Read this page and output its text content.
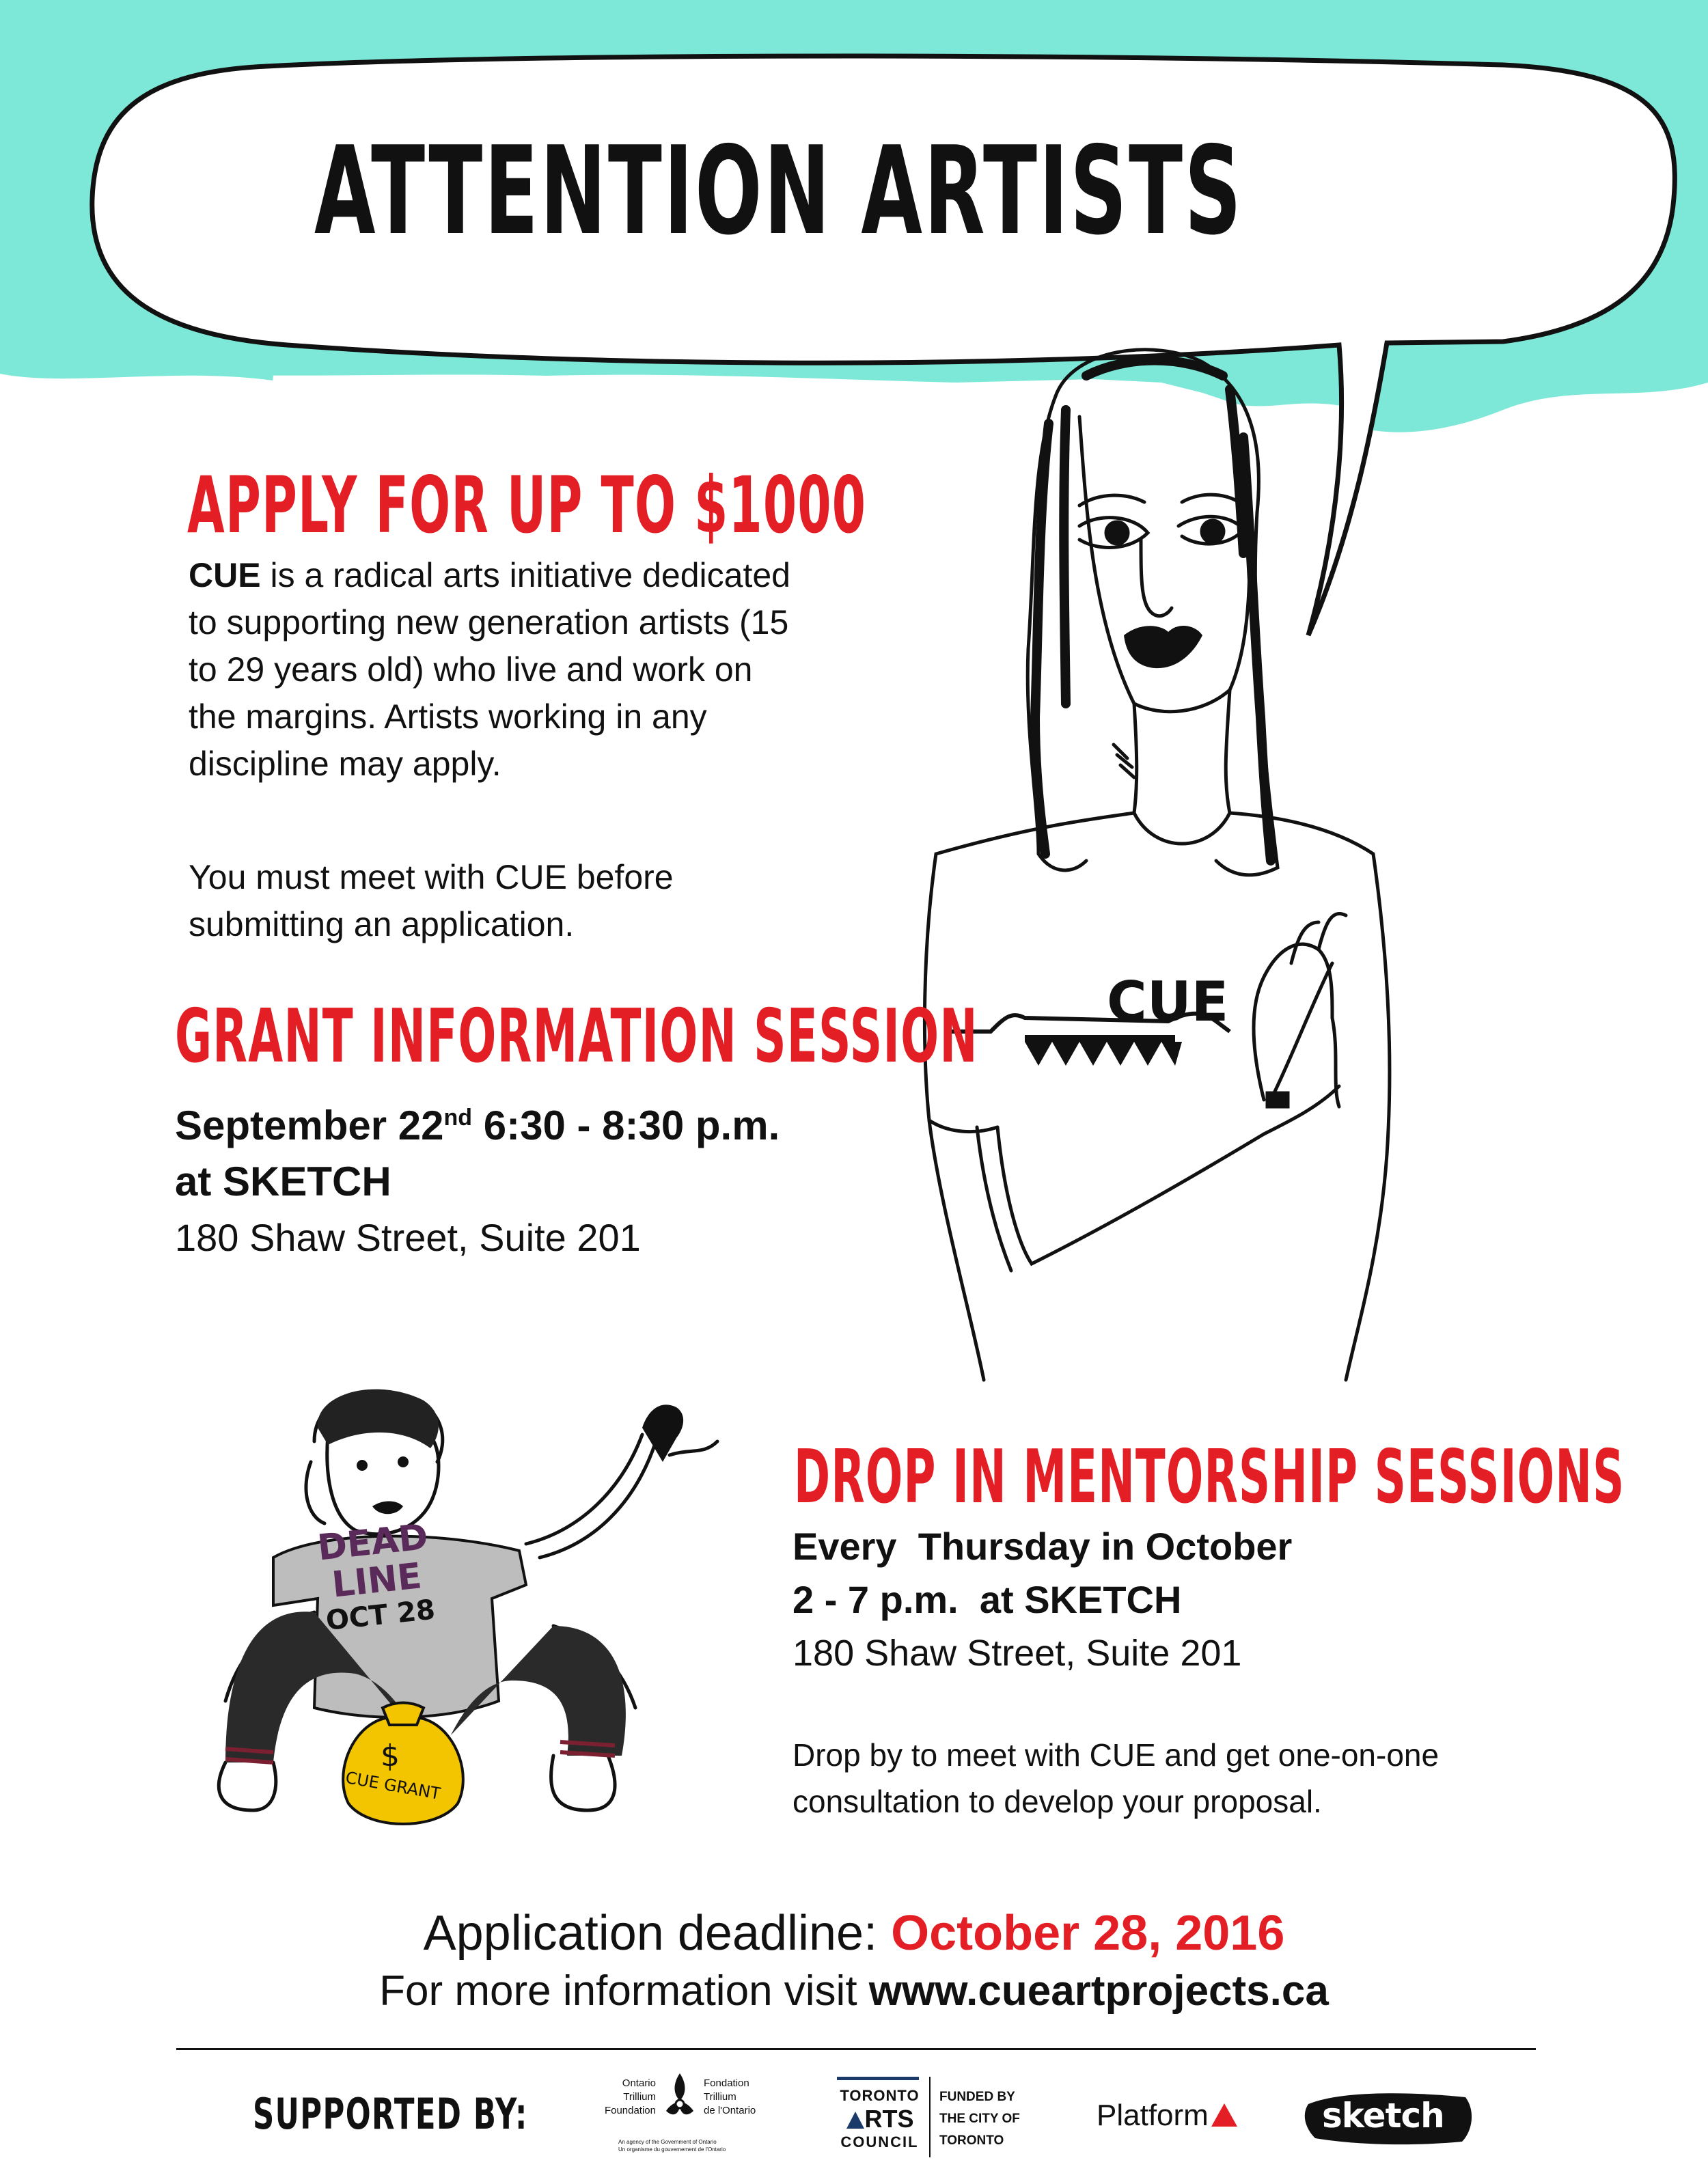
ATTENTION ARTISTS
CUE
APPLY FOR UP TO $1000
CUE is a radical arts initiative dedicated
to supporting new generation artists (15
to 29 years old) who live and work on
the margins. Artists working in any
discipline may apply.
You must meet with CUE before
submitting an application.
GRANT INFORMATION SESSION
September 22nd 6:30 - 8:30 p.m.
at SKETCH
180 Shaw Street, Suite 201
DEAD
LINE
OCT 28
$
CUE GRANT
DROP IN MENTORSHIP SESSIONS
Every  Thursday in October
2 - 7 p.m.  at SKETCH
180 Shaw Street, Suite 201
Drop by to meet with CUE and get one-on-one
consultation to develop your proposal.
Application deadline: October 28, 2016
For more information visit www.cueartprojects.ca
SUPPORTED BY:
Ontario
Trillium
Foundation
Fondation
Trillium
de l'Ontario
An agency of the Government of Ontario
Un organisme du gouvernement de l'Ontario
TORONTO
RTS
COUNCIL
FUNDED BY
THE CITY OF
TORONTO
Platform	sketch
